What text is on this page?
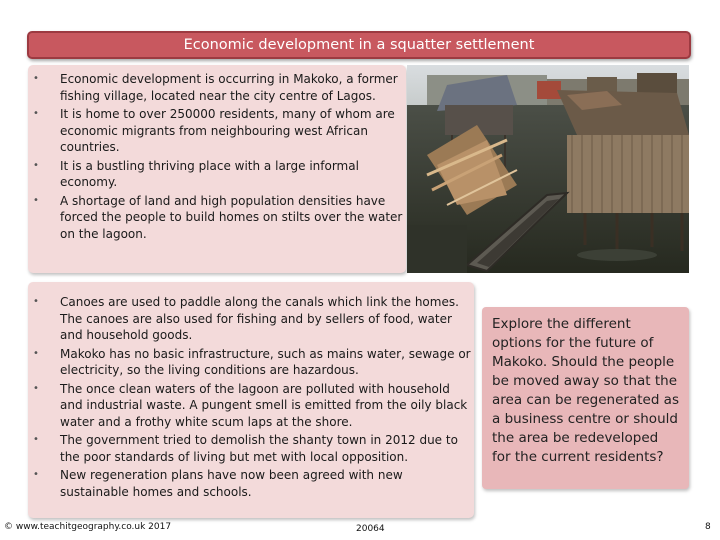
Economic development in a squatter settlement
• Economic development is occurring in Makoko, a former fishing village, located near the city centre of Lagos.
• It is home to over 250000 residents, many of whom are economic migrants from neighbouring west African countries.
• It is a bustling thriving place with a large informal economy.
• A shortage of land and high population densities have forced the people to build homes on stilts over the water on the lagoon.
• Canoes are used to paddle along the canals which link the homes. The canoes are also used for fishing and by sellers of food, water and household goods.
• Makoko has no basic infrastructure, such as mains water, sewage or electricity, so the living conditions are hazardous.
• The once clean waters of the lagoon are polluted with household and industrial waste. A pungent smell is emitted from the oily black water and a frothy white scum laps at the shore.
• The government tried to demolish the shanty town in 2012 due to the poor standards of living but met with local opposition.
• New regeneration plans have now been agreed with new sustainable homes and schools.
Explore the different options for the future of Makoko. Should the people be moved away so that the area can be regenerated as a business centre or should the area be redeveloped for the current residents?
© www.teachitgeography.co.uk 2017	20064	8
